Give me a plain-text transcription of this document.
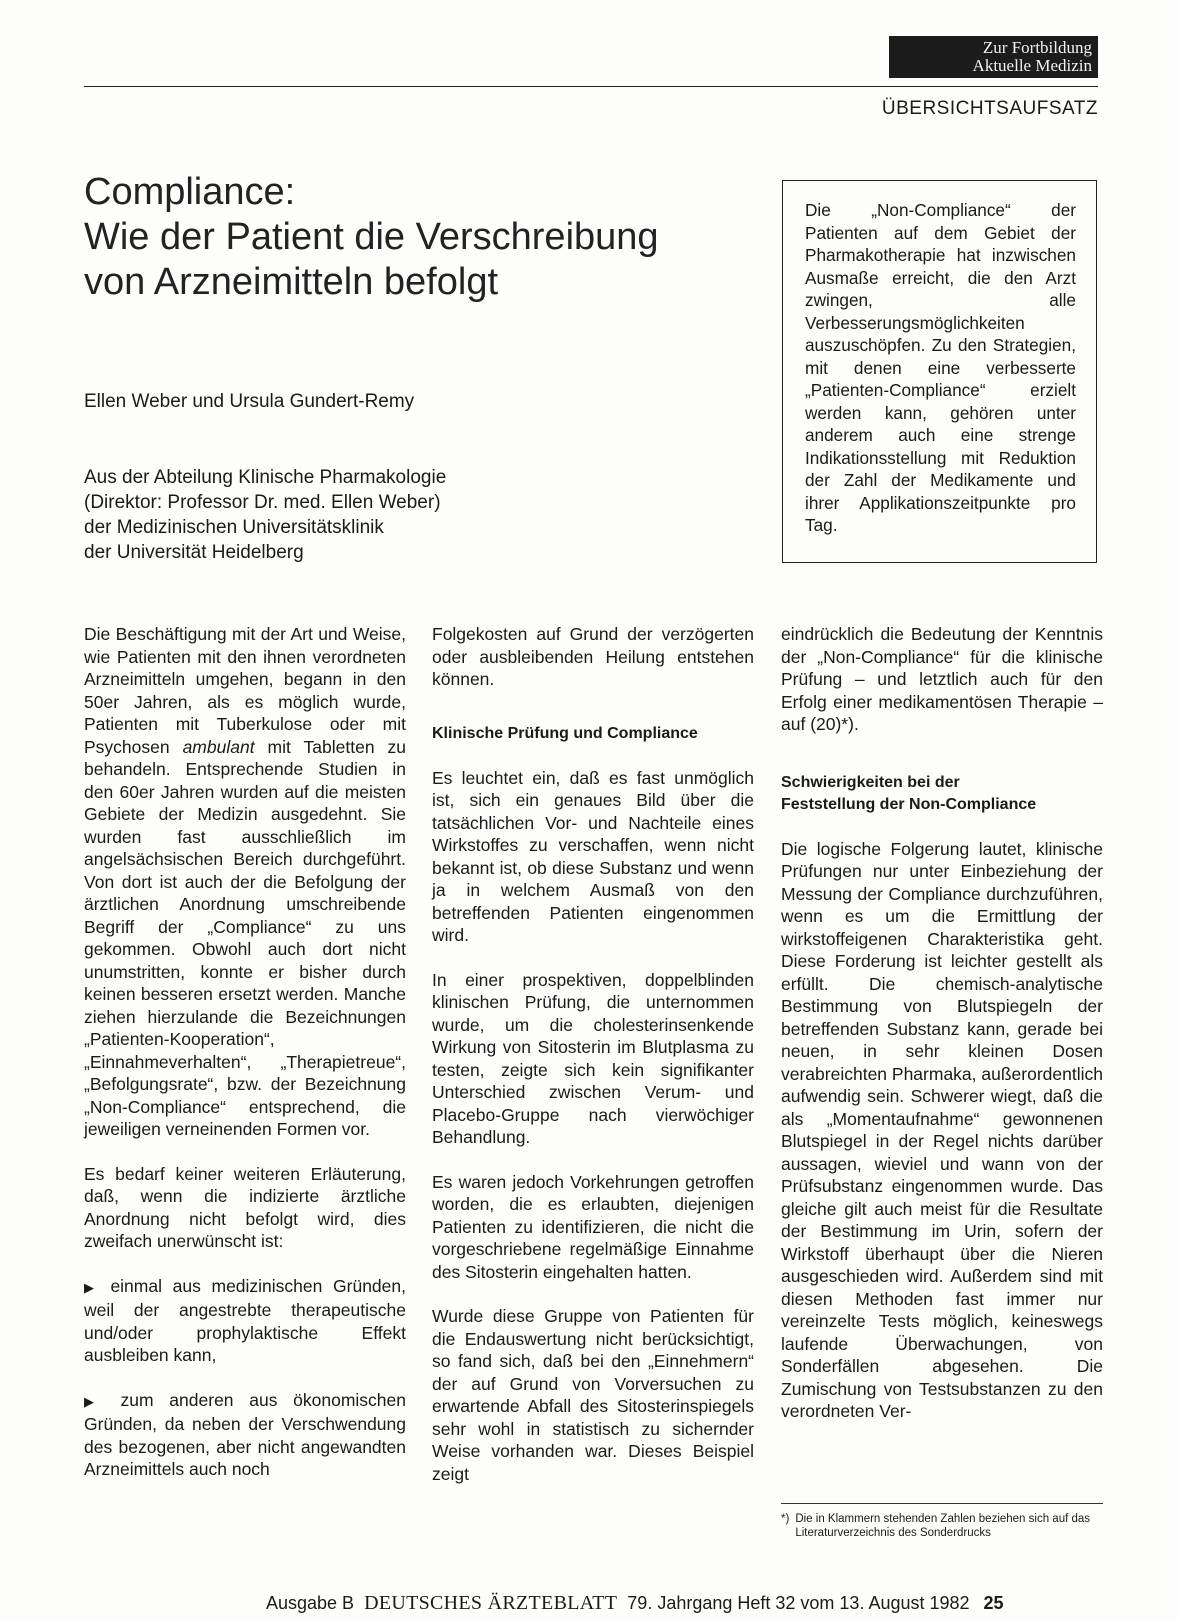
Zur Fortbildung
Aktuelle Medizin
ÜBERSICHTSAUFSATZ
Compliance:
Wie der Patient die Verschreibung
von Arzneimitteln befolgt
Ellen Weber und Ursula Gundert-Remy
Aus der Abteilung Klinische Pharmakologie
(Direktor: Professor Dr. med. Ellen Weber)
der Medizinischen Universitätsklinik
der Universität Heidelberg
Die „Non-Compliance“ der Patienten auf dem Gebiet der Pharmakotherapie hat inzwischen Ausmaße erreicht, die den Arzt zwingen, alle Verbesserungsmöglichkeiten auszuschöpfen. Zu den Strategien, mit denen eine verbesserte „Patienten-Compliance“ erzielt werden kann, gehören unter anderem auch eine strenge Indikationsstellung mit Reduktion der Zahl der Medikamente und ihrer Applikationszeitpunkte pro Tag.

Die Beschäftigung mit der Art und Weise, wie Patienten mit den ihnen verordneten Arzneimitteln umgehen, begann in den 50er Jahren, als es möglich wurde, Patienten mit Tuberkulose oder mit Psychosen ambulant mit Tabletten zu behandeln. Entsprechende Studien in den 60er Jahren wurden auf die meisten Gebiete der Medizin ausgedehnt. Sie wurden fast ausschließlich im angelsächsischen Bereich durchgeführt. Von dort ist auch der die Befolgung der ärztlichen Anordnung umschreibende Begriff der „Compliance“ zu uns gekommen. Obwohl auch dort nicht unumstritten, konnte er bisher durch keinen besseren ersetzt werden. Manche ziehen hierzulande die Bezeichnungen „Patienten-Kooperation“, „Einnahmeverhalten“, „Therapietreue“, „Befolgungsrate“, bzw. der Bezeichnung „Non-Compliance“ entsprechend, die jeweiligen verneinenden Formen vor.

Es bedarf keiner weiteren Erläuterung, daß, wenn die indizierte ärztliche Anordnung nicht befolgt wird, dies zweifach unerwünscht ist:

▶ einmal aus medizinischen Gründen, weil der angestrebte therapeutische und/oder prophylaktische Effekt ausbleiben kann,
▶ zum anderen aus ökonomischen Gründen, da neben der Verschwendung des bezogenen, aber nicht angewandten Arzneimittels auch noch

Folgekosten auf Grund der verzögerten oder ausbleibenden Heilung entstehen können.

Klinische Prüfung und Compliance

Es leuchtet ein, daß es fast unmöglich ist, sich ein genaues Bild über die tatsächlichen Vor- und Nachteile eines Wirkstoffes zu verschaffen, wenn nicht bekannt ist, ob diese Substanz und wenn ja in welchem Ausmaß von den betreffenden Patienten eingenommen wird.

In einer prospektiven, doppelblinden klinischen Prüfung, die unternommen wurde, um die cholesterinsenkende Wirkung von Sitosterin im Blutplasma zu testen, zeigte sich kein signifikanter Unterschied zwischen Verum- und Placebo-Gruppe nach vierwöchiger Behandlung.

Es waren jedoch Vorkehrungen getroffen worden, die es erlaubten, diejenigen Patienten zu identifizieren, die nicht die vorgeschriebene regelmäßige Einnahme des Sitosterin eingehalten hatten.

Wurde diese Gruppe von Patienten für die Endauswertung nicht berücksichtigt, so fand sich, daß bei den „Einnehmern“ der auf Grund von Vorversuchen zu erwartende Abfall des Sitosterinspiegels sehr wohl in statistisch zu sichernder Weise vorhanden war. Dieses Beispiel zeigt

eindrücklich die Bedeutung der Kenntnis der „Non-Compliance“ für die klinische Prüfung – und letztlich auch für den Erfolg einer medikamentösen Therapie – auf (20)*).

Schwierigkeiten bei der
Feststellung der Non-Compliance

Die logische Folgerung lautet, klinische Prüfungen nur unter Einbeziehung der Messung der Compliance durchzuführen, wenn es um die Ermittlung der wirkstoffeigenen Charakteristika geht. Diese Forderung ist leichter gestellt als erfüllt. Die chemisch-analytische Bestimmung von Blutspiegeln der betreffenden Substanz kann, gerade bei neuen, in sehr kleinen Dosen verabreichten Pharmaka, außerordentlich aufwendig sein. Schwerer wiegt, daß die als „Momentaufnahme“ gewonnenen Blutspiegel in der Regel nichts darüber aussagen, wieviel und wann von der Prüfsubstanz eingenommen wurde. Das gleiche gilt auch meist für die Resultate der Bestimmung im Urin, sofern der Wirkstoff überhaupt über die Nieren ausgeschieden wird. Außerdem sind mit diesen Methoden fast immer nur vereinzelte Tests möglich, keineswegs laufende Überwachungen, von Sonderfällen abgesehen. Die Zumischung von Testsubstanzen zu den verordneten Ver-

*) Die in Klammern stehenden Zahlen beziehen sich auf das Literaturverzeichnis des Sonderdrucks
Ausgabe B DEUTSCHES ÄRZTEBLATT 79. Jahrgang Heft 32 vom 13. August 1982 25
